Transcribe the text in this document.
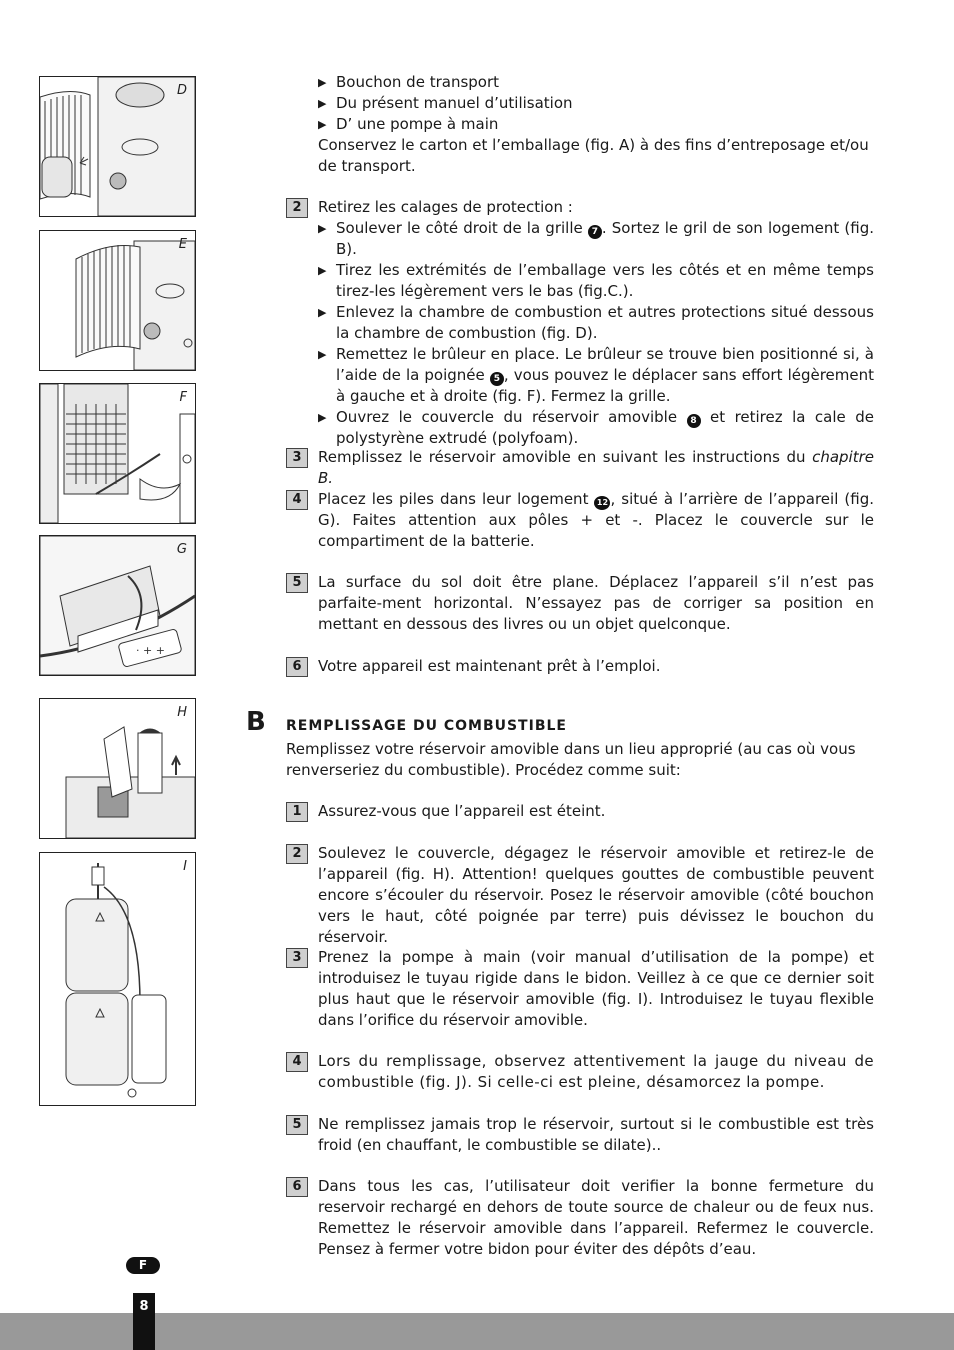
D
E
F
· + +
G
H
I
▶ Bouchon de transport
▶ Du présent manuel d’utilisation
▶ D’ une pompe à main
Conservez le carton et l’emballage (fig. A) à des fins d’entreposage et/ou de transport.
2	Retirez les calages de protection :
▶ Soulever le côté droit de la grille 7 . Sortez le gril de son logement (fig. B).
▶ Tirez les extrémités de l’emballage vers les côtés et en même temps tirez-les légèrement vers le bas (fig.C.).
▶ Enlevez la chambre de combustion et autres protections situé dessous la chambre de combustion (fig. D).
▶ Remettez le brûleur en place. Le brûleur se trouve bien positionné si, à l’aide de la poignée 5 , vous pouvez le déplacer sans effort légèrement à gauche et à droite (fig. F). Fermez la grille.
▶ Ouvrez le couvercle du réservoir amovible 8 et retirez la cale de polystyrène extrudé (polyfoam).
3	Remplissez le réservoir amovible en suivant les instructions du chapitre B.
4	Placez les piles dans leur logement 12 , situé à l’arrière de l’appareil (fig. G). Faites attention aux pôles + et -. Placez le couvercle sur le compartiment de la batterie.
5	La surface du sol doit être plane. Déplacez l’appareil s’il n’est pas parfaite-ment horizontal. N’essayez pas de corriger sa position en mettant en dessous des livres ou un objet quelconque.
6	Votre appareil est maintenant prêt à l’emploi.
B REMPLISSAGE DU COMBUSTIBLE
Remplissez votre réservoir amovible dans un lieu approprié (au cas où vous renverseriez du combustible). Procédez comme suit:
1	Assurez-vous que l’appareil est éteint.
2	Soulevez le couvercle, dégagez le réservoir amovible et retirez-le de l’appareil (fig. H). Attention! quelques gouttes de combustible peuvent encore s’écouler du réservoir. Posez le réservoir amovible (côté bouchon vers le haut, côté poignée par terre) puis dévissez le bouchon du réservoir.
3	Prenez la pompe à main (voir manual d’utilisation de la pompe) et introduisez le tuyau rigide dans le bidon. Veillez à ce que ce dernier soit plus haut que le réservoir amovible (fig. I). Introduisez le tuyau flexible dans l’orifice du réservoir amovible.
4	Lors du remplissage, observez attentivement la jauge du niveau de combustible (fig. J). Si celle-ci est pleine, désamorcez la pompe.
5	Ne remplissez jamais trop le réservoir, surtout si le combustible est très froid (en chauffant, le combustible se dilate)..
6	Dans tous les cas, l’utilisateur doit verifier la bonne fermeture du reservoir rechargé en dehors de toute source de chaleur ou de feux nus. Remettez le réservoir amovible dans l’appareil. Refermez le couvercle. Pensez à fermer votre bidon pour éviter des dépôts d’eau.
F
8
